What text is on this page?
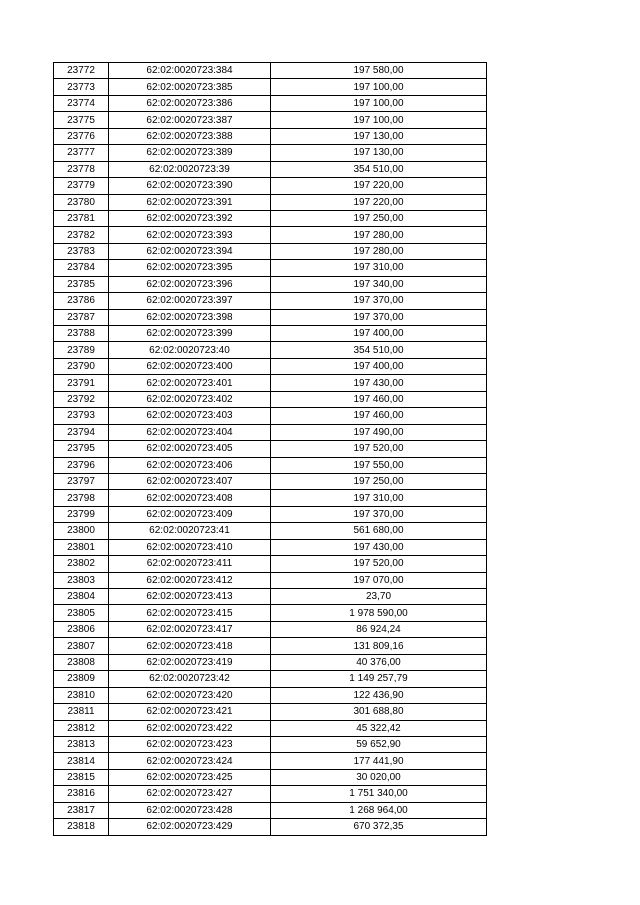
23772	62:02:0020723:384	197 580,00
23773	62:02:0020723:385	197 100,00
23774	62:02:0020723:386	197 100,00
23775	62:02:0020723:387	197 100,00
23776	62:02:0020723:388	197 130,00
23777	62:02:0020723:389	197 130,00
23778	62:02:0020723:39	354 510,00
23779	62:02:0020723:390	197 220,00
23780	62:02:0020723:391	197 220,00
23781	62:02:0020723:392	197 250,00
23782	62:02:0020723:393	197 280,00
23783	62:02:0020723:394	197 280,00
23784	62:02:0020723:395	197 310,00
23785	62:02:0020723:396	197 340,00
23786	62:02:0020723:397	197 370,00
23787	62:02:0020723:398	197 370,00
23788	62:02:0020723:399	197 400,00
23789	62:02:0020723:40	354 510,00
23790	62:02:0020723:400	197 400,00
23791	62:02:0020723:401	197 430,00
23792	62:02:0020723:402	197 460,00
23793	62:02:0020723:403	197 460,00
23794	62:02:0020723:404	197 490,00
23795	62:02:0020723:405	197 520,00
23796	62:02:0020723:406	197 550,00
23797	62:02:0020723:407	197 250,00
23798	62:02:0020723:408	197 310,00
23799	62:02:0020723:409	197 370,00
23800	62:02:0020723:41	561 680,00
23801	62:02:0020723:410	197 430,00
23802	62:02:0020723:411	197 520,00
23803	62:02:0020723:412	197 070,00
23804	62:02:0020723:413	23,70
23805	62:02:0020723:415	1 978 590,00
23806	62:02:0020723:417	86 924,24
23807	62:02:0020723:418	131 809,16
23808	62:02:0020723:419	40 376,00
23809	62:02:0020723:42	1 149 257,79
23810	62:02:0020723:420	122 436,90
23811	62:02:0020723:421	301 688,80
23812	62:02:0020723:422	45 322,42
23813	62:02:0020723:423	59 652,90
23814	62:02:0020723:424	177 441,90
23815	62:02:0020723:425	30 020,00
23816	62:02:0020723:427	1 751 340,00
23817	62:02:0020723:428	1 268 964,00
23818	62:02:0020723:429	670 372,35
